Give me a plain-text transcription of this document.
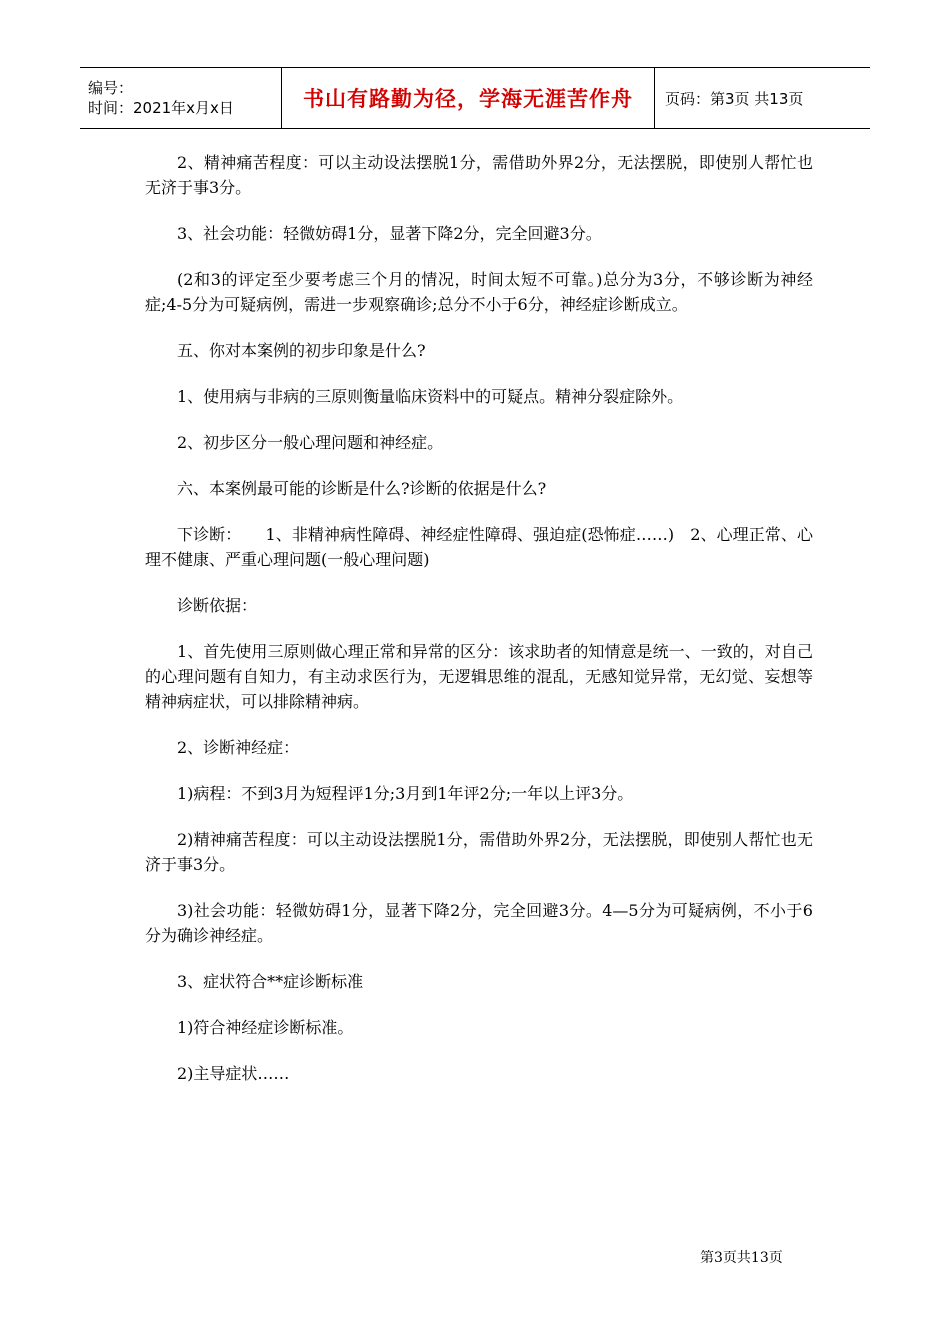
编号：
时间：2021年x月x日	书山有路勤为径，学海无涯苦作舟 页码：第3页 共13页

2、精神痛苦程度：可以主动设法摆脱1分，需借助外界2分，无法摆脱，即使别人帮忙也无济于事3分。

3、社会功能：轻微妨碍1分，显著下降2分，完全回避3分。

(2和3的评定至少要考虑三个月的情况，时间太短不可靠。)总分为3分，不够诊断为神经症;4-5分为可疑病例，需进一步观察确诊;总分不小于6分，神经症诊断成立。

五、你对本案例的初步印象是什么?

1、使用病与非病的三原则衡量临床资料中的可疑点。精神分裂症除外。

2、初步区分一般心理问题和神经症。

六、本案例最可能的诊断是什么?诊断的依据是什么?

下诊断：　　1、非精神病性障碍、神经症性障碍、强迫症(恐怖症……)　2、心理正常、心理不健康、严重心理问题(一般心理问题)

诊断依据：

1、首先使用三原则做心理正常和异常的区分：该求助者的知情意是统一、一致的，对自己的心理问题有自知力，有主动求医行为，无逻辑思维的混乱，无感知觉异常，无幻觉、妄想等精神病症状，可以排除精神病。

2、诊断神经症：

1)病程：不到3月为短程评1分;3月到1年评2分;一年以上评3分。

2)精神痛苦程度：可以主动设法摆脱1分，需借助外界2分，无法摆脱，即使别人帮忙也无济于事3分。

3)社会功能：轻微妨碍1分，显著下降2分，完全回避3分。4—5分为可疑病例，不小于6分为确诊神经症。

3、症状符合**症诊断标准

1)符合神经症诊断标准。

2)主导症状……

第3页共13页
